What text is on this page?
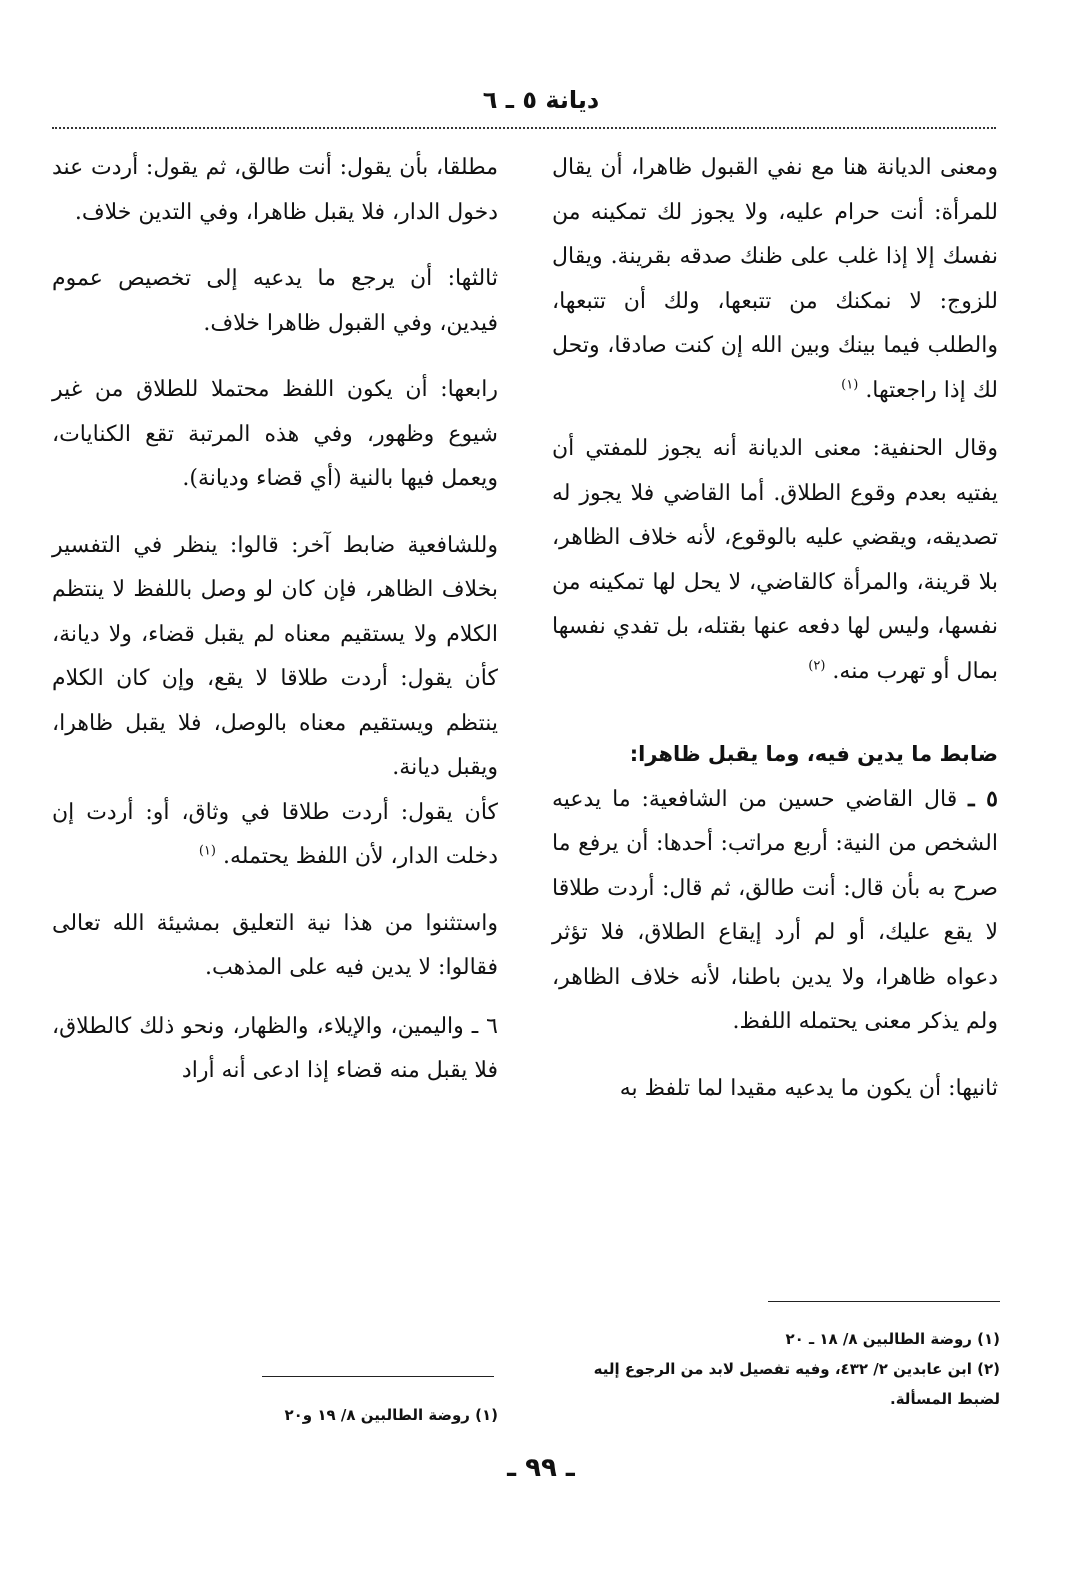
ديانة ٥ ـ ٦

ومعنى الديانة هنا مع نفي القبول ظاهرا، أن يقال للمرأة: أنت حرام عليه، ولا يجوز لك تمكينه من نفسك إلا إذا غلب على ظنك صدقه بقرينة. ويقال للزوج: لا نمكنك من تتبعها، ولك أن تتبعها، والطلب فيما بينك وبين الله إن كنت صادقا، وتحل لك إذا راجعتها. $^{(١)}$

وقال الحنفية: معنى الديانة أنه يجوز للمفتي أن يفتيه بعدم وقوع الطلاق. أما القاضي فلا يجوز له تصديقه، ويقضي عليه بالوقوع، لأنه خلاف الظاهر، بلا قرينة، والمرأة كالقاضي، لا يحل لها تمكينه من نفسها، وليس لها دفعه عنها بقتله، بل تفدي نفسها بمال أو تهرب منه. $^{(٢)}$

ضابط ما يدين فيه، وما يقبل ظاهرا:

٥ ـ قال القاضي حسين من الشافعية: ما يدعيه الشخص من النية: أربع مراتب: أحدها: أن يرفع ما صرح به بأن قال: أنت طالق، ثم قال: أردت طلاقا لا يقع عليك، أو لم أرد إيقاع الطلاق، فلا تؤثر دعواه ظاهرا، ولا يدين باطنا، لأنه خلاف الظاهر، ولم يذكر معنى يحتمله اللفظ.

ثانيها: أن يكون ما يدعيه مقيدا لما تلفظ به

مطلقا، بأن يقول: أنت طالق، ثم يقول: أردت عند دخول الدار، فلا يقبل ظاهرا، وفي التدين خلاف.

ثالثها: أن يرجع ما يدعيه إلى تخصيص عموم فيدين، وفي القبول ظاهرا خلاف.

رابعها: أن يكون اللفظ محتملا للطلاق من غير شيوع وظهور، وفي هذه المرتبة تقع الكنايات، ويعمل فيها بالنية (أي قضاء وديانة).

وللشافعية ضابط آخر: قالوا: ينظر في التفسير بخلاف الظاهر، فإن كان لو وصل باللفظ لا ينتظم الكلام ولا يستقيم معناه لم يقبل قضاء، ولا ديانة، كأن يقول: أردت طلاقا لا يقع، وإن كان الكلام ينتظم ويستقيم معناه بالوصل، فلا يقبل ظاهرا، ويقبل ديانة.

كأن يقول: أردت طلاقا في وثاق، أو: أردت إن دخلت الدار، لأن اللفظ يحتمله. $^{(١)}$

واستثنوا من هذا نية التعليق بمشيئة الله تعالى فقالوا: لا يدين فيه على المذهب.

٦ ـ واليمين، والإيلاء، والظهار، ونحو ذلك كالطلاق، فلا يقبل منه قضاء إذا ادعى أنه أراد

(١) روضة الطالبين ٨/ ١٨ ـ ٢٠
(٢) ابن عابدين ٢/ ٤٣٢، وفيه تفصيل لابد من الرجوع إليه لضبط المسألة.
(١) روضة الطالبين ٨/ ١٩ و٢٠
ـ ٩٩ ـ
